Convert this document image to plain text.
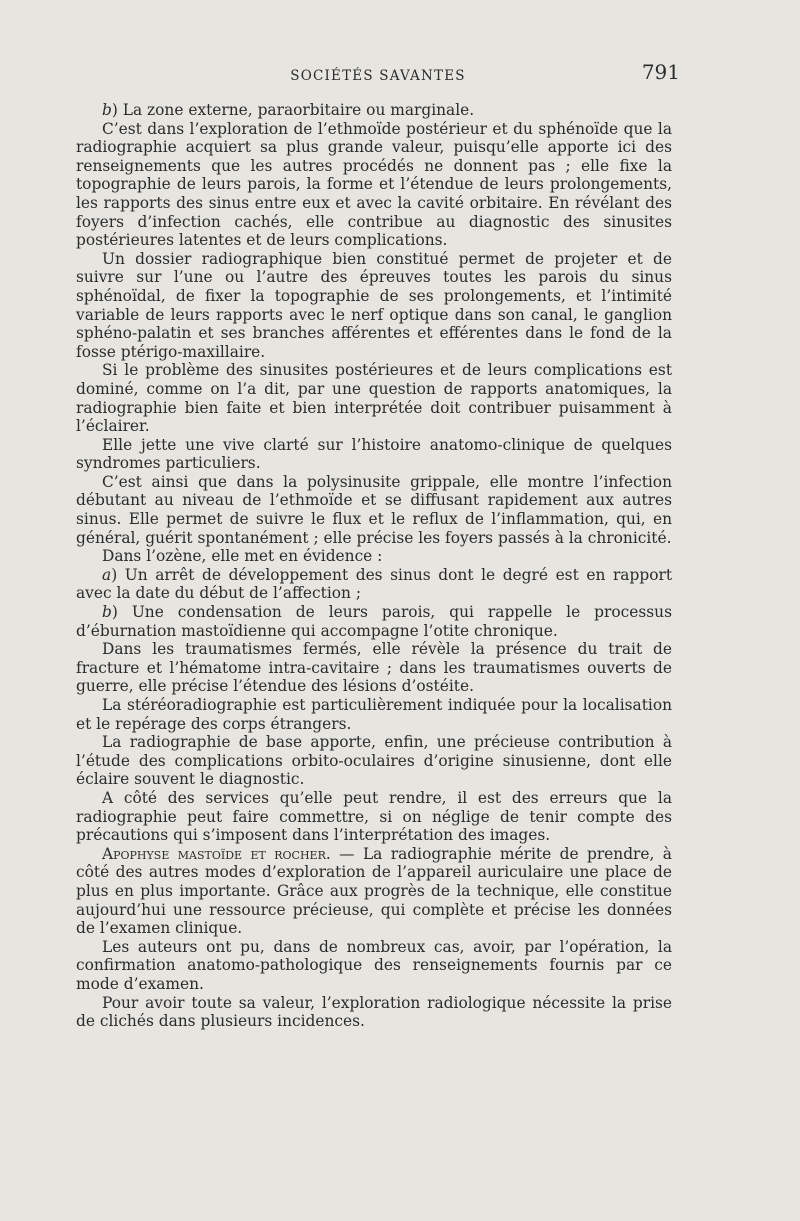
SOCIÉTÉS SAVANTES	791

b) La zone externe, paraorbitaire ou marginale.

C’est dans l’exploration de l’ethmoïde postérieur et du sphénoïde que la radiographie acquiert sa plus grande valeur, puisqu’elle apporte ici des renseignements que les autres procédés ne donnent pas ; elle fixe la topographie de leurs parois, la forme et l’étendue de leurs prolongements, les rapports des sinus entre eux et avec la cavité orbitaire. En révélant des foyers d’infection cachés, elle contribue au diagnostic des sinusites postérieures latentes et de leurs complications.

Un dossier radiographique bien constitué permet de projeter et de suivre sur l’une ou l’autre des épreuves toutes les parois du sinus sphénoïdal, de fixer la topographie de ses prolongements, et l’intimité variable de leurs rapports avec le nerf optique dans son canal, le ganglion sphéno-palatin et ses branches afférentes et efférentes dans le fond de la fosse ptérigo-maxillaire.

Si le problème des sinusites postérieures et de leurs complications est dominé, comme on l’a dit, par une question de rapports anatomiques, la radiographie bien faite et bien interprétée doit contribuer puisamment à l’éclairer.

Elle jette une vive clarté sur l’histoire anatomo-clinique de quelques syndromes particuliers.

C’est ainsi que dans la polysinusite grippale, elle montre l’infection débutant au niveau de l’ethmoïde et se diffusant rapidement aux autres sinus. Elle permet de suivre le flux et le reflux de l’inflammation, qui, en général, guérit spontanément ; elle précise les foyers passés à la chronicité.

Dans l’ozène, elle met en évidence :

a) Un arrêt de développement des sinus dont le degré est en rapport avec la date du début de l’affection ;

b) Une condensation de leurs parois, qui rappelle le processus d’éburnation mastoïdienne qui accompagne l’otite chronique.

Dans les traumatismes fermés, elle révèle la présence du trait de fracture et l’hématome intra-cavitaire ; dans les traumatismes ouverts de guerre, elle précise l’étendue des lésions d’ostéite.

La stéréoradiographie est particulièrement indiquée pour la localisation et le repérage des corps étrangers.

La radiographie de base apporte, enfin, une précieuse contribution à l’étude des complications orbito-oculaires d’origine sinusienne, dont elle éclaire souvent le diagnostic.

A côté des services qu’elle peut rendre, il est des erreurs que la radiographie peut faire commettre, si on néglige de tenir compte des précautions qui s’imposent dans l’interprétation des images.

Apophyse mastoïde et rocher. — La radiographie mérite de prendre, à côté des autres modes d’exploration de l’appareil auriculaire une place de plus en plus importante. Grâce aux progrès de la technique, elle constitue aujourd’hui une ressource précieuse, qui complète et précise les données de l’examen clinique.

Les auteurs ont pu, dans de nombreux cas, avoir, par l’opération, la confirmation anatomo-pathologique des renseignements fournis par ce mode d’examen.

Pour avoir toute sa valeur, l’exploration radiologique nécessite la prise de clichés dans plusieurs incidences.
